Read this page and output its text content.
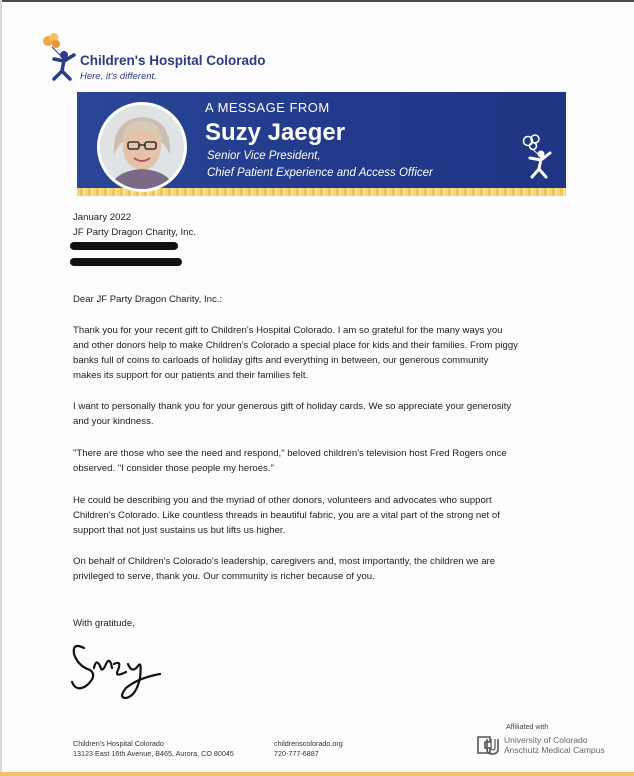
Children's Hospital Colorado
Here, it's different.
A MESSAGE FROM
Suzy Jaeger
Senior Vice President,
Chief Patient Experience and Access Officer
January 2022
JF Party Dragon Charity, Inc.
Dear JF Party Dragon Charity, Inc.:
Thank you for your recent gift to Children's Hospital Colorado. I am so grateful for the many ways you
and other donors help to make Children's Colorado a special place for kids and their families. From piggy
banks full of coins to carloads of holiday gifts and everything in between, our generous community
makes its support for our patients and their families felt.
I want to personally thank you for your generous gift of holiday cards. We so appreciate your generosity
and your kindness.
"There are those who see the need and respond," beloved children's television host Fred Rogers once
observed. "I consider those people my heroes."
He could be describing you and the myriad of other donors, volunteers and advocates who support
Children's Colorado. Like countless threads in beautiful fabric, you are a vital part of the strong net of
support that not just sustains us but lifts us higher.
On behalf of Children's Colorado's leadership, caregivers and, most importantly, the children we are
privileged to serve, thank you. Our community is richer because of you.
With gratitude,
Children's Hospital Colorado
13123 East 16th Avenue, B465, Aurora, CO 80045
childrenscolorado.org
720-777-6887
Affiliated with
University of Colorado
Anschutz Medical Campus
